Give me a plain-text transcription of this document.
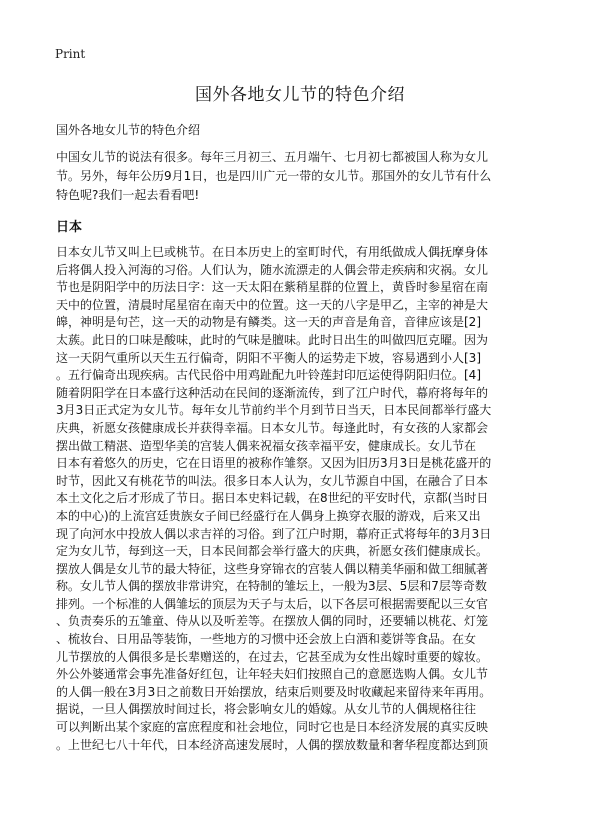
Print
国外各地女儿节的特色介绍
国外各地女儿节的特色介绍

中国女儿节的说法有很多。每年三月初三、五月端午、七月初七都被国人称为女儿
节。另外，每年公历9月1日，也是四川广元一带的女儿节。那国外的女儿节有什么
特色呢?我们一起去看看吧!

日本

日本女儿节又叫上巳或桃节。在日本历史上的室町时代，有用纸做成人偶抚摩身体
后将偶人投入河海的习俗。人们认为，随水流漂走的人偶会带走疾病和灾祸。女儿
节也是阴阳学中的历法日字：这一天太阳在紫稍星群的位置上，黄昏时参星宿在南
天中的位置，清晨时尾星宿在南天中的位置。这一天的八字是甲乙，主宰的神是大
皞，神明是句芒，这一天的动物是有鳞类。这一天的声音是角音，音律应该是[2]
太蔟。此日的口味是酸味，此时的气味是膻味。此时日出生的叫做四厄克曜。因为
这一天阴气重所以天生五行偏奇，阴阳不平衡人的运势走下坡，容易遇到小人[3]
。五行偏奇出现疾病。古代民俗中用鸡趾配九叶铃莲封印厄运使得阴阳归位。[4]
随着阴阳学在日本盛行这种活动在民间的逐渐流传，到了江户时代，幕府将每年的
3月3日正式定为女儿节。每年女儿节前约半个月到节日当天，日本民间都举行盛大
庆典，祈愿女孩健康成长并获得幸福。日本女儿节。每逢此时，有女孩的人家都会
摆出做工精湛、造型华美的宫装人偶来祝福女孩幸福平安，健康成长。女儿节在
日本有着悠久的历史，它在日语里的被称作雏祭。又因为旧历3月3日是桃花盛开的
时节，因此又有桃花节的叫法。很多日本人认为，女儿节源自中国，在融合了日本
本土文化之后才形成了节日。据日本史料记载，在8世纪的平安时代，京都(当时日
本的中心)的上流宫廷贵族女子间已经盛行在人偶身上换穿衣服的游戏，后来又出
现了向河水中投放人偶以求吉祥的习俗。到了江户时期，幕府正式将每年的3月3日
定为女儿节，每到这一天，日本民间都会举行盛大的庆典，祈愿女孩们健康成长。
摆放人偶是女儿节的最大特征，这些身穿锦衣的宫装人偶以精美华丽和做工细腻著
称。女儿节人偶的摆放非常讲究，在特制的雏坛上，一般为3层、5层和7层等奇数
排列。一个标准的人偶雏坛的顶层为天子与太后，以下各层可根据需要配以三女官
、负责奏乐的五雏童、侍从以及听差等。在摆放人偶的同时，还要辅以桃花、灯笼
、梳妆台、日用品等装饰，一些地方的习惯中还会放上白酒和菱饼等食品。在女
儿节摆放的人偶很多是长辈赠送的，在过去，它甚至成为女性出嫁时重要的嫁妆。
外公外婆通常会事先准备好红包，让年轻夫妇们按照自己的意愿选购人偶。女儿节
的人偶一般在3月3日之前数日开始摆放，结束后则要及时收藏起来留待来年再用。
据说，一旦人偶摆放时间过长，将会影响女儿的婚嫁。从女儿节的人偶规格往往
可以判断出某个家庭的富庶程度和社会地位，同时它也是日本经济发展的真实反映
。上世纪七八十年代，日本经济高速发展时，人偶的摆放数量和奢华程度都达到顶
